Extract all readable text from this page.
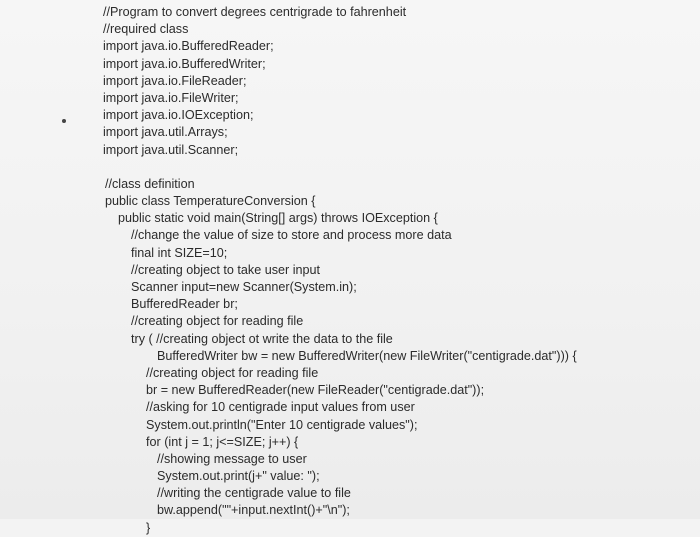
//Program to convert degrees centrigrade to fahrenheit
//required class
import java.io.BufferedReader;
import java.io.BufferedWriter;
import java.io.FileReader;
import java.io.FileWriter;
import java.io.IOException;
import java.util.Arrays;
import java.util.Scanner;
//class definition
public class TemperatureConversion {
public static void main(String[] args) throws IOException {
//change the value of size to store and process more data
final int SIZE=10;
//creating object to take user input
Scanner input=new Scanner(System.in);
BufferedReader br;
//creating object for reading file
try ( //creating object ot write the data to the file
BufferedWriter bw = new BufferedWriter(new FileWriter("centigrade.dat"))) {
//creating object for reading file
br = new BufferedReader(new FileReader("centigrade.dat"));
//asking for 10 centigrade input values from user
System.out.println("Enter 10 centigrade values");
for (int j = 1; j<=SIZE; j++) {
//showing message to user
System.out.print(j+" value: ");
//writing the centigrade value to file
bw.append(""+input.nextInt()+"\n");
}
